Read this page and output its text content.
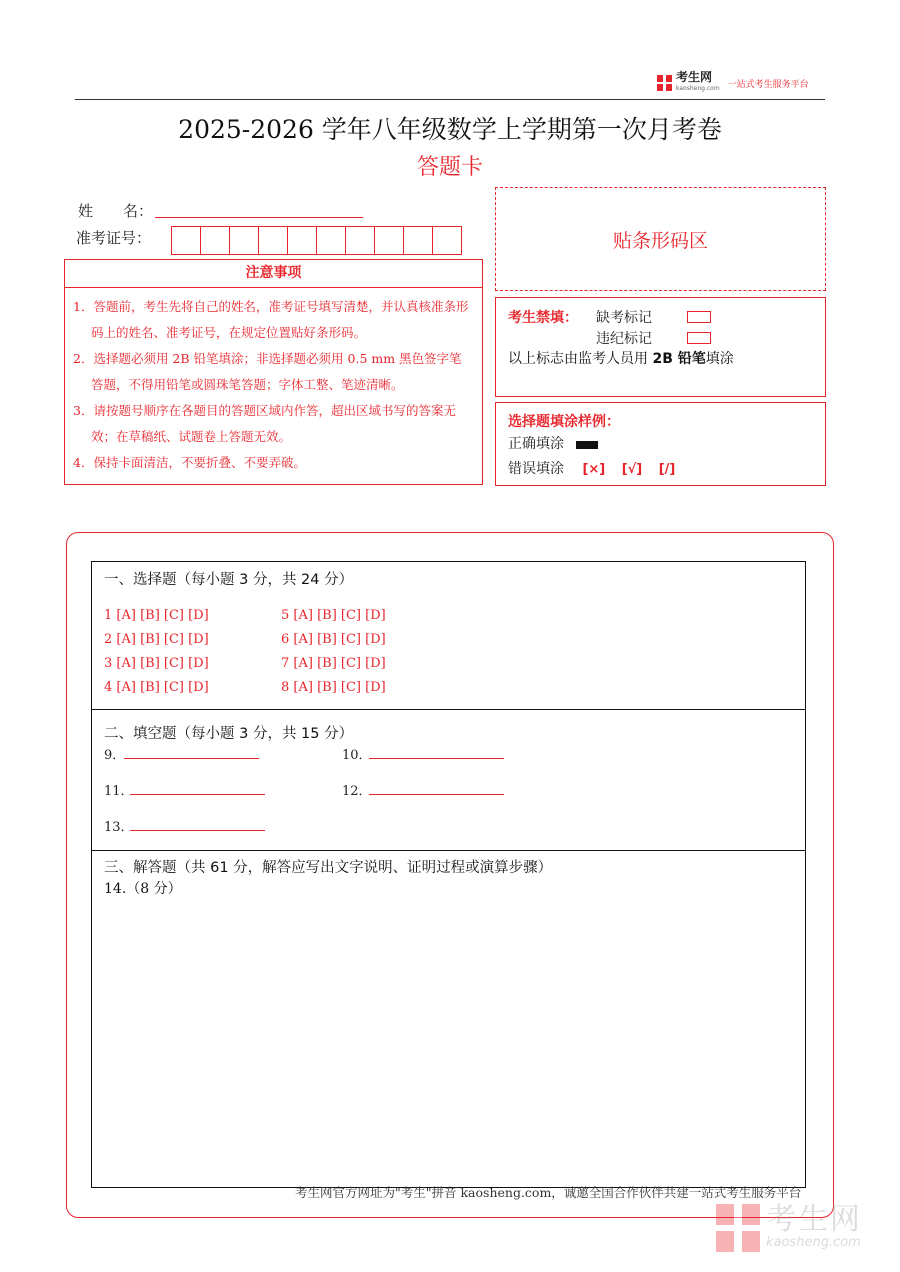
考生网
kaosheng.com 一站式考生服务平台
2025-2026 学年八年级数学上学期第一次月考卷
答题卡
姓　　名：
准考证号：
注意事项
1．答题前，考生先将自己的姓名，准考证号填写清楚，并认真核准条形码上的姓名、准考证号，在规定位置贴好条形码。
2．选择题必须用 2B 铅笔填涂；非选择题必须用 0.5 mm 黑色签字笔答题，不得用铅笔或圆珠笔答题；字体工整、笔迹清晰。
3．请按题号顺序在各题目的答题区域内作答，超出区域书写的答案无效；在草稿纸、试题卷上答题无效。
4．保持卡面清洁，不要折叠、不要弄破。
贴条形码区
考生禁填： 缺考标记
违纪标记
以上标志由监考人员用 2B 铅笔填涂
选择题填涂样例：
正确填涂
错误填涂 [×] [√] [/]
一、选择题（每小题 3 分，共 24 分）
1 [A] [B] [C] [D]
2 [A] [B] [C] [D]
3 [A] [B] [C] [D]
4 [A] [B] [C] [D]
5 [A] [B] [C] [D]
6 [A] [B] [C] [D]
7 [A] [B] [C] [D]
8 [A] [B] [C] [D]
二、填空题（每小题 3 分，共 15 分）
9．	10．
11．	12．
13．
三、解答题（共 61 分，解答应写出文字说明、证明过程或演算步骤）
14.（8 分）
考生网官方网址为"考生"拼音 kaosheng.com，诚邀全国合作伙伴共建一站式考生服务平台
考生网
kaosheng.com
